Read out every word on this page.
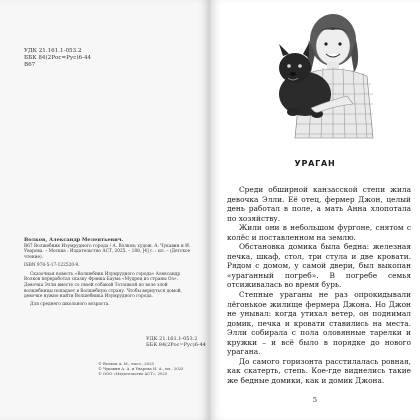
УДК 21.161.1-053.2
ББК 84(2Рос=Рус)6-44
В67
Волков, Александр Мелентьевич.
В67 Волшебник Изумрудного города / А. Волков; худож. А. Чукавин и И. Уварова. – Москва : Издательство АСТ, 2025. – 188, [4] с. : ил. – (Детское чтение).
ISBN 978-5-17-122520-9.
Сказочная повесть «Волшебник Изумрудного города» Александр Волков переработал сказку Фрэнка Баума «Мудрец из страны Оз». Девочка Элли вместе со своей собакой Тотошкой по воле злой волшебницы попадает в Волшебную страну. Чтобы вернуться домой, девочке нужно найти Волшебника Изумрудного города.
Для среднего школьного возраста.
УДК 21.161.1-053.2
ББК 84(2Рос=Рус)6-44
© Волков А. М., насл., 2025
© Чукавин А. А. и Уварова И. А., ил., 2025
© ООО «Издательство АСТ», 2025
УРАГАН

Среди обширной канзасской степи жила девочка Элли. Её отец, фермер Джон, целый день работал в поле, а мать Анна хлопотала по хозяйству.

Жили они в небольшом фургоне, снятом с колёс и поставленном на землю.

Обстановка домика была бедна: железная печка, шкаф, стол, три стула и две кровати. Рядом с домом, у самой двери, был выкопан «ураганный погреб». В погребе семья отсиживалась во время бурь.

Степные ураганы не раз опрокидывали лёгонькое жилище фермера Джона. Но Джон не унывал: когда утихал ветер, он поднимал домик, печка и кровати ставились на места. Элли собирала с пола оловянные тарелки и кружки – и всё было в порядке до нового урагана.

До самого горизонта расстилалась ровная, как скатерть, степь. Кое-где виднелись такие же бедные домики, как и домик Джона.

5
